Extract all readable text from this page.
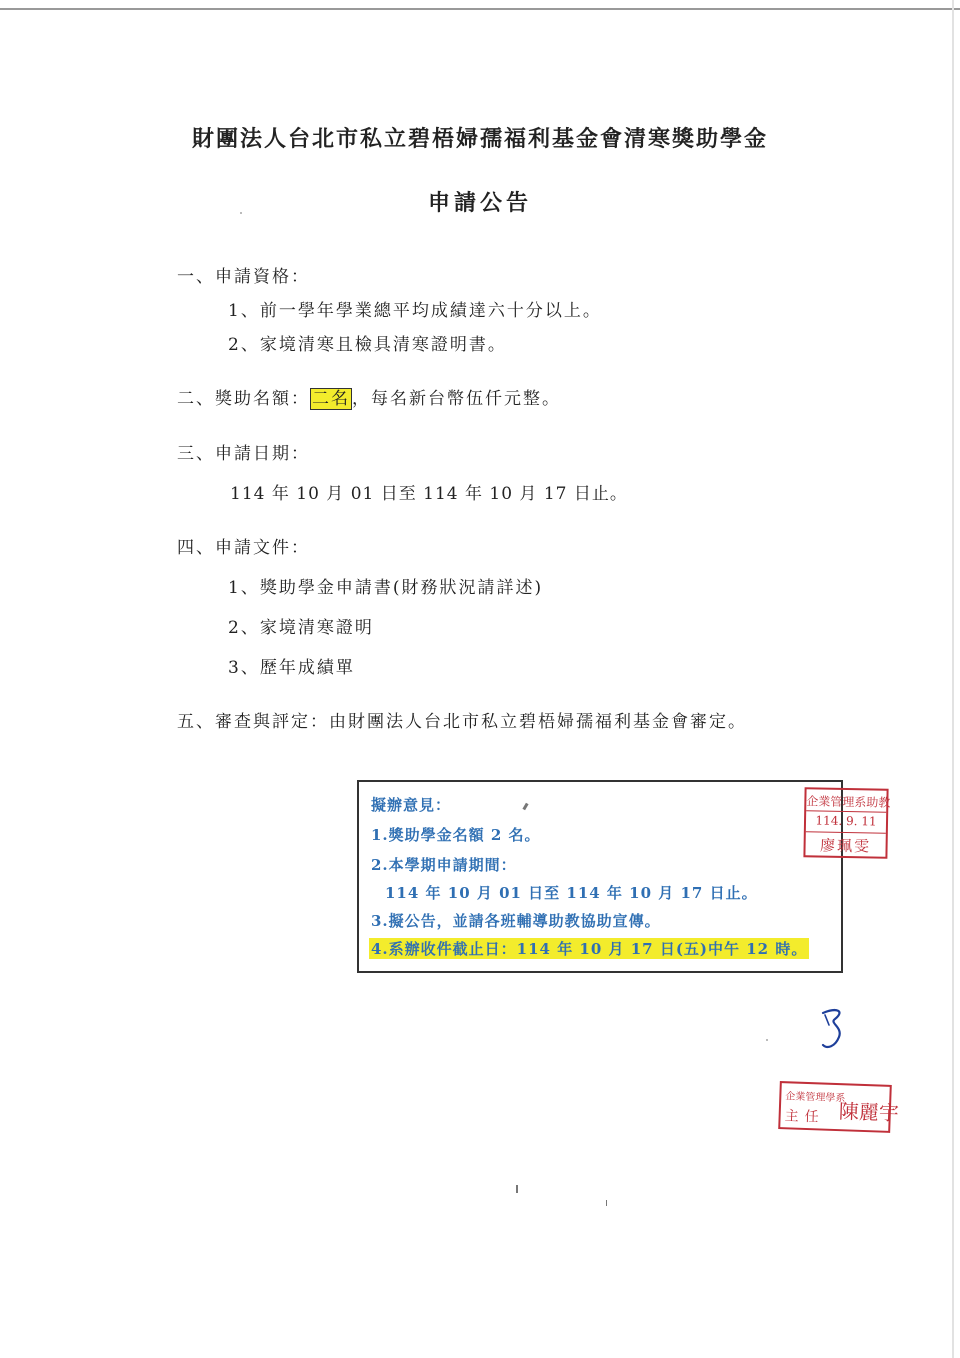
財團法人台北市私立碧梧婦孺福利基金會清寒獎助學金
申請公告
一、申請資格：
1、前一學年學業總平均成績達六十分以上。
2、家境清寒且檢具清寒證明書。
二、獎助名額： 二名 ，每名新台幣伍仟元整。
三、申請日期：
114 年 10 月 01 日至 114 年 10 月 17 日止。
四、申請文件：
1、獎助學金申請書(財務狀況請詳述)
2、家境清寒證明
3、歷年成績單
五、審查與評定：由財團法人台北市私立碧梧婦孺福利基金會審定。
擬辦意見：
1.獎助學金名額 2 名。
2.本學期申請期間：
114 年 10 月 01 日至 114 年 10 月 17 日止。
3.擬公告，並請各班輔導助教協助宣傳。
4.系辦收件截止日：114 年 10 月 17 日(五)中午 12 時。
企業管理系助教
114. 9. 11
廖珮雯
企業管理學系
主任 陳麗宇
